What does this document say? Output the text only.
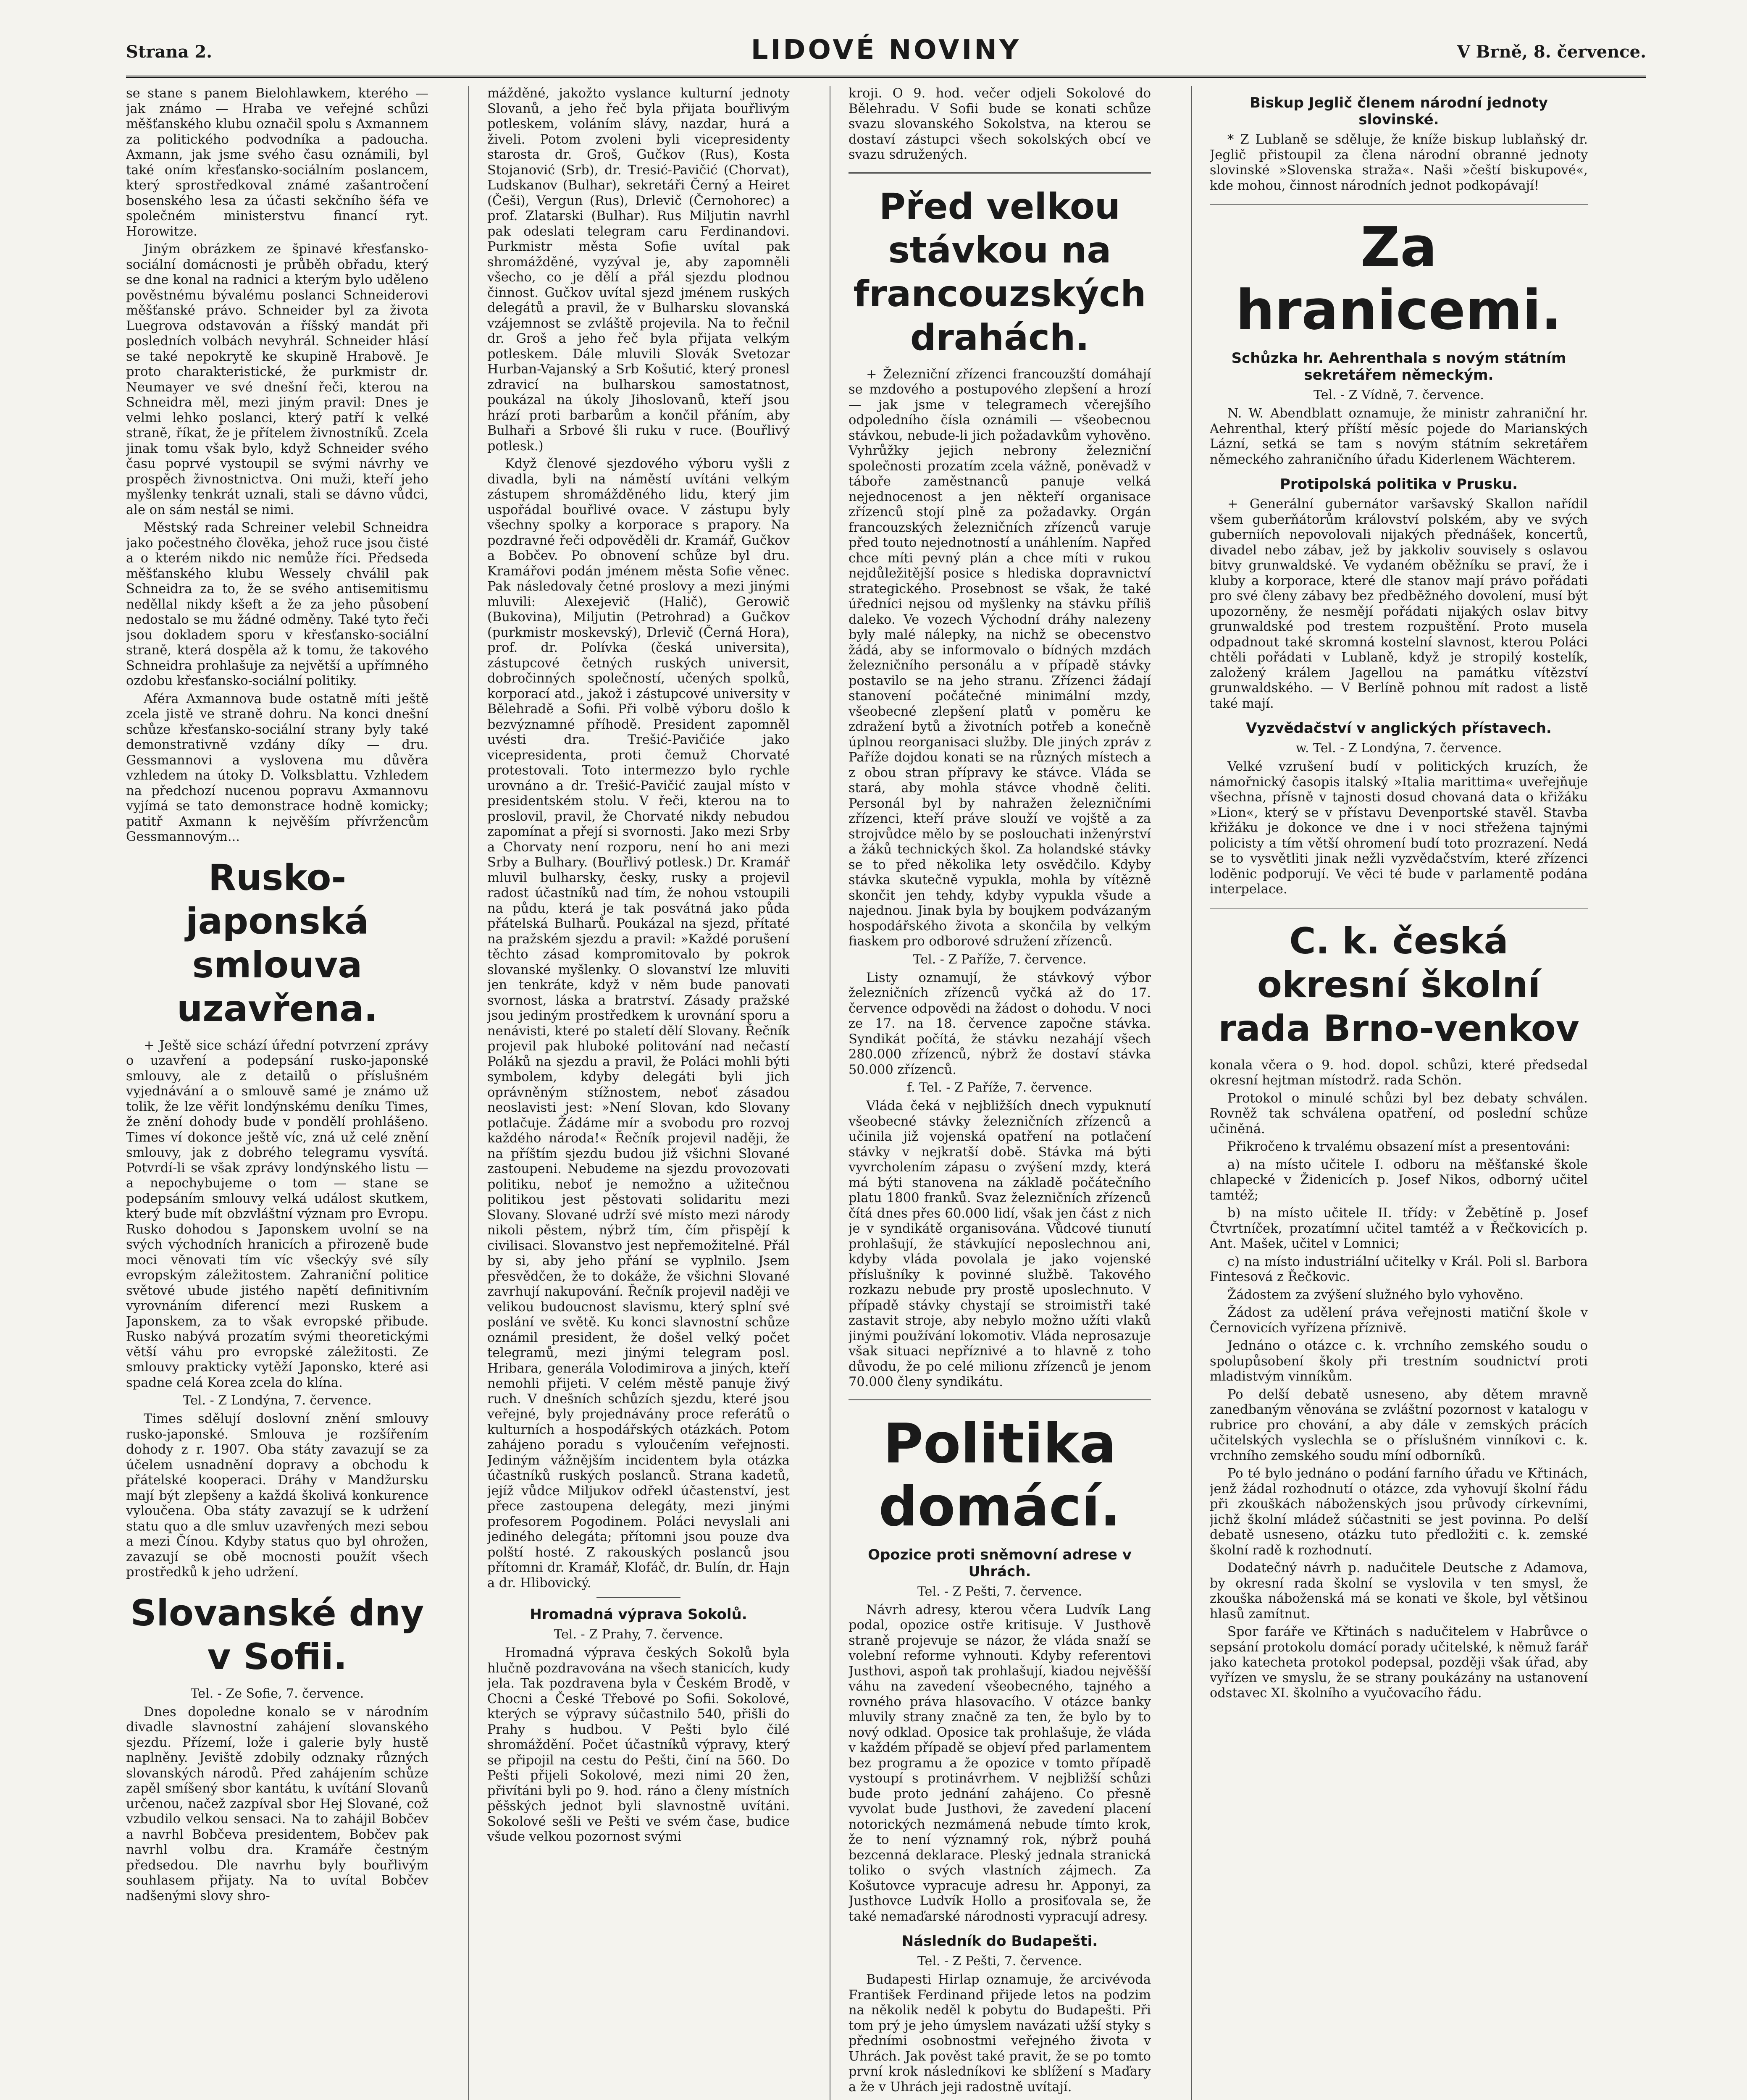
Strana 2.	LIDOVÉ NOVINY	V Brně, 8. července.

se stane s panem Bielohlawkem, kterého — jak známo — Hraba ve veřejné schůzi měšťanského klubu označil spolu s Axmannem za politického podvodníka a padoucha. Axmann, jak jsme svého času oznámili, byl také oním křesťansko-sociálním poslancem, který sprostředkoval známé zašantročení bosenského lesa za účasti sekčního šéfa ve společném ministerstvu financí ryt. Horowitze.

Jiným obrázkem ze špinavé křesťansko-sociální domácnosti je průběh obřadu, který se dne konal na radnici a kterým bylo uděleno pověstnému bývalému poslanci Schneiderovi měšťanské právo. Schneider byl za života Luegrova odstavován a říšský mandát při posledních volbách nevyhrál. Schneider hlásí se také nepokrytě ke skupině Hrabově. Je proto charakteristické, že purkmistr dr. Neumayer ve své dnešní řeči, kterou na Schneidra měl, mezi jiným pravil: Dnes je velmi lehko poslanci, který patří k velké straně, říkat, že je přítelem živnostníků. Zcela jinak tomu však bylo, když Schneider svého času poprvé vystoupil se svými návrhy ve prospěch živnostnictva. Oni muži, kteří jeho myšlenky tenkrát uznali, stali se dávno vůdci, ale on sám nestál se nimi.

Městský rada Schreiner velebil Schneidra jako počestného člověka, jehož ruce jsou čisté a o kterém nikdo nic nemůže říci. Předseda měšťanského klubu Wessely chválil pak Schneidra za to, že se svého antisemitismu neděllal nikdy kšeft a že za jeho působení nedostalo se mu žádné odměny. Také tyto řeči jsou dokladem sporu v křesťansko-sociální straně, která dospěla až k tomu, že takového Schneidra prohlašuje za největší a upřímného ozdobu křesťansko-sociální politiky.

Aféra Axmannova bude ostatně míti ještě zcela jistě ve straně dohru. Na konci dnešní schůze křesťansko-sociální strany byly také demonstrativně vzdány díky — dru. Gessmannovi a vyslovena mu důvěra vzhledem na útoky D. Volksblattu. Vzhledem na předchozí nucenou popravu Axmannovu vyjímá se tato demonstrace hodně komicky; patitř Axmann k nejvěším přívržencům Gessmannovým...

Rusko-japonská smlouva uzavřena.

+ Ještě sice schází úřední potvrzení zprávy o uzavření a podepsání rusko-japonské smlouvy, ale z detailů o příslušném vyjednávání a o smlouvě samé je známo už tolik, že lze věřit londýnskému deníku Times, že znění dohody bude v pondělí prohlášeno. Times ví dokonce ještě víc, zná už celé znění smlouvy, jak z dobrého telegramu vysvítá. Potvrdí-li se však zprávy londýnského listu — a nepochybujeme o tom — stane se podepsáním smlouvy velká událost skutkem, který bude mít obzvláštní význam pro Evropu. Rusko dohodou s Japonskem uvolní se na svých východních hranicích a přirozeně bude moci věnovati tím víc všeckýy své síly evropským záležitostem. Zahraniční politice světové ubude jistého napětí definitivním vyrovnáním diferencí mezi Ruskem a Japonskem, za to však evropské přibude. Rusko nabývá prozatím svými theoretickými větší váhu pro evropské záležitosti. Ze smlouvy prakticky vytěží Japonsko, které asi spadne celá Korea zcela do klína.

Tel. - Z Londýna, 7. července.

Times sdělují doslovní znění smlouvy rusko-japonské. Smlouva je rozšířením dohody z r. 1907. Oba státy zavazují se za účelem usnadnění dopravy a obchodu k přátelské kooperaci. Dráhy v Mandžursku mají být zlepšeny a každá školivá konkurence vyloučena. Oba státy zavazují se k udržení statu quo a dle smluv uzavřených mezi sebou a mezi Čínou. Kdyby status quo byl ohrožen, zavazují se obě mocnosti použít všech prostředků k jeho udržení.

Slovanské dny v Sofii.
Tel. - Ze Sofie, 7. července.

Dnes dopoledne konalo se v národním divadle slavnostní zahájení slovanského sjezdu. Přízemí, lože i galerie byly hustě naplněny. Jeviště zdobily odznaky různých slovanských národů. Před zahájením schůze zapěl smíšený sbor kantátu, k uvítání Slovanů určenou, načež zazpíval sbor Hej Slované, což vzbudilo velkou sensaci. Na to zahájil Bobčev a navrhl Bobčeva presidentem, Bobčev pak navrhl volbu dra. Kramáře čestným předsedou. Dle navrhu byly bouřlivým souhlasem přijaty. Na to uvítal Bobčev nadšenými slovy shro-

mážděné, jakožto vyslance kulturní jednoty Slovanů, a jeho řeč byla přijata bouřlivým potleskem, voláním slávy, nazdar, hurá a živeli. Potom zvoleni byli vicepresidenty starosta dr. Groš, Gučkov (Rus), Kosta Stojanović (Srb), dr. Tresić-Pavičić (Chorvat), Ludskanov (Bulhar), sekretáři Černý a Heiret (Češi), Vergun (Rus), Drlevič (Černohorec) a prof. Zlatarski (Bulhar). Rus Miljutin navrhl pak odeslati telegram caru Ferdinandovi. Purkmistr města Sofie uvítal pak shromážděné, vyzýval je, aby zapomněli všecho, co je dělí a přál sjezdu plodnou činnost. Gučkov uvítal sjezd jménem ruských delegátů a pravil, že v Bulharsku slovanská vzájemnost se zvláště projevila. Na to řečnil dr. Groš a jeho řeč byla přijata velkým potleskem. Dále mluvili Slovák Svetozar Hurban-Vajanský a Srb Košutić, který pronesl zdravicí na bulharskou samostatnost, poukázal na úkoly Jihoslovanů, kteří jsou hrází proti barbarům a končil přáním, aby Bulhaři a Srbové šli ruku v ruce. (Bouřlivý potlesk.)

Když členové sjezdového výboru vyšli z divadla, byli na náměstí uvítáni velkým zástupem shromážděného lidu, který jim uspořádal bouřlivé ovace. V zástupu byly všechny spolky a korporace s prapory. Na pozdravné řeči odpověděli dr. Kramář, Gučkov a Bobčev. Po obnovení schůze byl dru. Kramářovi podán jménem města Sofie věnec. Pak následovaly četné proslovy a mezi jinými mluvili: Alexejevič (Halič), Gerowič (Bukovina), Miljutin (Petrohrad) a Gučkov (purkmistr moskevský), Drlevič (Černá Hora), prof. dr. Polívka (česká universita), zástupcové četných ruských universit, dobročinných společností, učených spolků, korporací atd., jakož i zástupcové university v Bělehradě a Sofii. Při volbě výboru došlo k bezvýznamné příhodě. President zapomněl uvésti dra. Trešić-Pavičiće jako vicepresidenta, proti čemuž Chorvaté protestovali. Toto intermezzo bylo rychle urovnáno a dr. Trešić-Pavičić zaujal místo v presidentském stolu. V řeči, kterou na to proslovil, pravil, že Chorvaté nikdy nebudou zapomínat a přejí si svornosti. Jako mezi Srby a Chorvaty není rozporu, není ho ani mezi Srby a Bulhary. (Bouřlivý potlesk.) Dr. Kramář mluvil bulharsky, česky, rusky a projevil radost účastníků nad tím, že nohou vstoupili na půdu, která je tak posvátná jako půda přátelská Bulharů. Poukázal na sjezd, přítaté na pražském sjezdu a pravil: »Každé porušení těchto zásad kompromitovalo by pokrok slovanské myšlenky. O slovanství lze mluviti jen tenkráte, když v něm bude panovati svornost, láska a bratrství. Zásady pražské jsou jediným prostředkem k urovnání sporu a nenávisti, které po staletí dělí Slovany. Řečník projevil pak hluboké politování nad nečastí Poláků na sjezdu a pravil, že Poláci mohli býti symbolem, kdyby delegáti byli jich oprávněným stížnostem, neboť zásadou neoslavisti jest: »Není Slovan, kdo Slovany potlačuje. Žádáme mír a svobodu pro rozvoj každého národa!« Řečník projevil naději, že na příštím sjezdu budou již všichni Slované zastoupeni. Nebudeme na sjezdu provozovati politiku, neboť je nemožno a užitečnou politikou jest pěstovati solidaritu mezi Slovany. Slované udrží své místo mezi národy nikoli pěstem, nýbrž tím, čím přispějí k civilisaci. Slovanstvo jest nepřemožitelné. Přál by si, aby jeho přání se vyplnilo. Jsem přesvědčen, že to dokáže, že všichni Slované zavrhují nakupování. Řečník projevil naději ve velikou budoucnost slavismu, který splní své poslání ve světě. Ku konci slavnostní schůze oznámil president, že došel velký počet telegramů, mezi jinými telegram posl. Hribara, generála Volodimirova a jiných, kteří nemohli přijeti. V celém městě panuje živý ruch. V dnešních schůzích sjezdu, které jsou veřejné, byly projednávány proce referátů o kulturních a hospodářských otázkách. Potom zahájeno poradu s vyloučením veřejnosti. Jediným vážnějším incidentem byla otázka účastníků ruských poslanců. Strana kadetů, jejíž vůdce Miljukov odřekl účastenství, jest přece zastoupena delegáty, mezi jinými profesorem Pogodinem. Poláci nevyslali ani jediného delegáta; přítomni jsou pouze dva polští hosté. Z rakouských poslanců jsou přítomni dr. Kramář, Klofáč, dr. Bulín, dr. Hajn a dr. Hlibovický.

Hromadná výprava Sokolů.
Tel. - Z Prahy, 7. července.

Hromadná výprava českých Sokolů byla hlučně pozdravována na všech stanicích, kudy jela. Tak pozdravena byla v Českém Brodě, v Chocni a České Třebové po Sofii. Sokolové, kterých se výpravy súčastnilo 540, přišli do Prahy s hudbou. V Pešti bylo čilé shromáždění. Počet účastníků výpravy, který se připojil na cestu do Pešti, činí na 560. Do Pešti přijeli Sokolové, mezi nimi 20 žen, přivítáni byli po 9. hod. ráno a členy místních pěšských jednot byli slavnostně uvítáni. Sokolové sešli ve Pešti ve svém čase, budice všude velkou pozornost svými

kroji. O 9. hod. večer odjeli Sokolové do Bělehradu. V Sofii bude se konati schůze svazu slovanského Sokolstva, na kterou se dostaví zástupci všech sokolských obcí ve svazu sdružených.

Před velkou stávkou na francouzských drahách.

+ Železniční zřízenci francouzští domáhají se mzdového a postupového zlepšení a hrozí — jak jsme v telegramech včerejšího odpoledního čísla oznámili — všeobecnou stávkou, nebude-li jich požadavkům vyhověno. Vyhrůžky jejich nebrony železniční společnosti prozatím zcela vážně, poněvadž v táboře zaměstnanců panuje velká nejednocenost a jen někteří organisace zřízenců stojí plně za požadavky. Orgán francouzských železničních zřízenců varuje před touto nejednotností a unáhlením. Napřed chce míti pevný plán a chce míti v rukou nejdůležitější posice s hlediska dopravnictví strategického. Prosebnost se však, že také úředníci nejsou od myšlenky na stávku příliš daleko. Ve vozech Východní dráhy nalezeny byly malé nálepky, na nichž se obecenstvo žádá, aby se informovalo o bídných mzdách železničního personálu a v případě stávky postavilo se na jeho stranu. Zřízenci žádají stanovení počátečné minimální mzdy, všeobecné zlepšení platů v poměru ke zdražení bytů a životních potřeb a konečně úplnou reorganisaci služby. Dle jiných zpráv z Paříže dojdou konati se na různých místech a z obou stran přípravy ke stávce. Vláda se stará, aby mohla stávce vhodně čeliti. Personál byl by nahražen železničními zřízenci, kteří práve slouží ve vojště a za strojvůdce mělo by se poslouchati inženýrství a žáků technických škol. Za holandské stávky se to před několika lety osvědčilo. Kdyby stávka skutečně vypukla, mohla by vítězně skončit jen tehdy, kdyby vypukla všude a najednou. Jinak byla by boujkem podvázaným hospodářského života a skončila by velkým fiaskem pro odborové sdružení zřízenců.

Tel. - Z Paříže, 7. července.

Listy oznamují, že stávkový výbor železničních zřízenců vyčká až do 17. července odpovědi na žádost o dohodu. V noci ze 17. na 18. července započne stávka. Syndikát počítá, že stávku nezahájí všech 280.000 zřízenců, nýbrž že dostaví stávka 50.000 zřízenců.

f. Tel. - Z Paříže, 7. července.

Vláda čeká v nejbližších dnech vypuknutí všeobecné stávky železničních zřízenců a učinila již vojenská opatření na potlačení stávky v nejkratší době. Stávka má býti vyvrcholením zápasu o zvýšení mzdy, která má býti stanovena na základě počátečního platu 1800 franků. Svaz železničních zřízenců čítá dnes přes 60.000 lidí, však jen část z nich je v syndikátě organisována. Vůdcové tiunutí prohlašují, že stávkující neposlechnou ani, kdyby vláda povolala je jako vojenské příslušníky k povinné službě. Takového rozkazu nebude pry prostě uposlechnuto. V případě stávky chystají se stroimistři také zastavit stroje, aby nebylo možno užíti vlaků jinými používání lokomotiv. Vláda neprosazuje však situaci nepříznivé a to hlavně z toho důvodu, že po celé milionu zřízenců je jenom 70.000 členy syndikátu.

Politika domácí.
Opozice proti sněmovní adrese v Uhrách.
Tel. - Z Pešti, 7. července.

Návrh adresy, kterou včera Ludvík Lang podal, opozice ostře kritisuje. V Justhově straně projevuje se názor, že vláda snaží se volební reforme vyhnouti. Kdyby referentovi Justhovi, aspoň tak prohlašují, kiadou nejvěšší váhu na zavedení všeobecného, tajného a rovného práva hlasovacího. V otázce banky mluvily strany značně za ten, že bylo by to nový odklad. Oposice tak prohlašuje, že vláda v každém případě se objeví před parlamentem bez programu a že opozice v tomto případě vystoupí s protinávrhem. V nejbližší schůzi bude proto jednání zahájeno. Co přesně vyvolat bude Justhovi, že zavedení placení notorických nezmámená nebude tímto krok, že to není významný rok, nýbrž pouhá bezcenná deklarace. Pleský jednala stranická toliko o svých vlastních zájmech. Za Košutovce vypracuje adresu hr. Apponyi, za Justhovce Ludvík Hollo a prosiťovala se, že také nemaďarské národnosti vypracují adresy.

Následník do Budapešti.
Tel. - Z Pešti, 7. července.

Budapesti Hirlap oznamuje, že arcivévoda František Ferdinand přijede letos na podzim na několik neděl k pobytu do Budapešti. Při tom prý je jeho úmyslem navázati užší styky s předními osobnostmi veřejného života v Uhrách. Jak pověst také pravit, že se po tomto první krok následníkovi ke sblížení s Maďary a že v Uhrách jeji radostně uvítají.

Biskup Jeglič členem národní jednoty slovinské.

* Z Lublaně se sděluje, že kníže biskup lublaňský dr. Jeglič přistoupil za člena národní obranné jednoty slovinské »Slovenska straža«. Naši »čeští biskupové«, kde mohou, činnost národních jednot podkopávají!

Za hranicemi.
Schůzka hr. Aehrenthala s novým státním sekretářem německým.
Tel. - Z Vídně, 7. července.

N. W. Abendblatt oznamuje, že ministr zahraniční hr. Aehrenthal, který příští měsíc pojede do Marianských Lázní, setká se tam s novým státním sekretářem německého zahraničního úřadu Kiderlenem Wächterem.

Protipolská politika v Prusku.

+ Generální gubernátor varšavský Skallon nařídil všem guberňátorům království polském, aby ve svých guberniích nepovolovali nijakých přednášek, koncertů, divadel nebo zábav, jež by jakkoliv souvisely s oslavou bitvy grunwaldské. Ve vydaném oběžníku se praví, že i kluby a korporace, které dle stanov mají právo pořádati pro své členy zábavy bez předběžného dovolení, musí být upozorněny, že nesmějí pořádati nijakých oslav bitvy grunwaldské pod trestem rozpuštění. Proto musela odpadnout také skromná kostelní slavnost, kterou Poláci chtěli pořádati v Lublaně, když je stropilý kostelík, založený králem Jagellou na památku vítězství grunwaldského. — V Berlíně pohnou mít radost a listě také mají.

Vyzvědačství v anglických přístavech.
w. Tel. - Z Londýna, 7. července.

Velké vzrušení budí v politických kruzích, že námořnický časopis italský »Italia marittima« uveřejňuje všechna, přísně v tajnosti dosud chovaná data o křižáku »Lion«, který se v přístavu Devenportské stavěl. Stavba křižáku je dokonce ve dne i v noci střežena tajnými policisty a tím větší ohromení budí toto prozrazení. Nedá se to vysvětliti jinak nežli vyzvědačstvím, které zřízenci loděnic podporují. Ve věci té bude v parlamentě podána interpelace.

C. k. česká okresní školní rada Brno-venkov

konala včera o 9. hod. dopol. schůzi, které předsedal okresní hejtman místodrž. rada Schön.

Protokol o minulé schůzi byl bez debaty schválen. Rovněž tak schválena opatření, od poslední schůze učiněná.

Přikročeno k trvalému obsazení míst a presentováni:

a) na místo učitele I. odboru na měšťanské škole chlapecké v Židenicích p. Josef Nikos, odborný učitel tamtéž;

b) na místo učitele II. třídy: v Žebětíně p. Josef Čtvrtníček, prozatímní učitel tamtéž a v Řečkovicích p. Ant. Mašek, učitel v Lomnici;

c) na místo industriální učitelky v Král. Poli sl. Barbora Fintesová z Řečkovic.

Žádostem za zvýšení služného bylo vyhověno.

Žádost za udělení práva veřejnosti matiční škole v Černovicích vyřízena příznivě.

Jednáno o otázce c. k. vrchního zemského soudu o spolupůsobení školy při trestním soudnictví proti mladistvým vinníkům.

Po delší debatě usneseno, aby dětem mravně zanedbaným věnována se zvláštní pozornost v katalogu v rubrice pro chování, a aby dále v zemských prácích učitelských vyslechla se o příslušném vinníkovi c. k. vrchního zemského soudu míní odborníků.

Po té bylo jednáno o podání farního úřadu ve Křtinách, jenž žádal rozhodnutí o otázce, zda vyhovují školní řádu při zkouškách náboženských jsou průvody církevními, jichž školní mládež súčastniti se jest povinna. Po delší debatě usneseno, otázku tuto předložiti c. k. zemské školní radě k rozhodnutí.

Dodatečný návrh p. nadučitele Deutsche z Adamova, by okresní rada školní se vyslovila v ten smysl, že zkouška náboženská má se konati ve škole, byl většinou hlasů zamítnut.

Spor faráře ve Křtinách s nadučitelem v Habrůvce o sepsání protokolu domácí porady učitelské, k němuž farář jako katecheta protokol podepsal, později však úřad, aby vyřízen ve smyslu, že se strany poukázány na ustanovení odstavec XI. školního a vyučovacího řádu.
